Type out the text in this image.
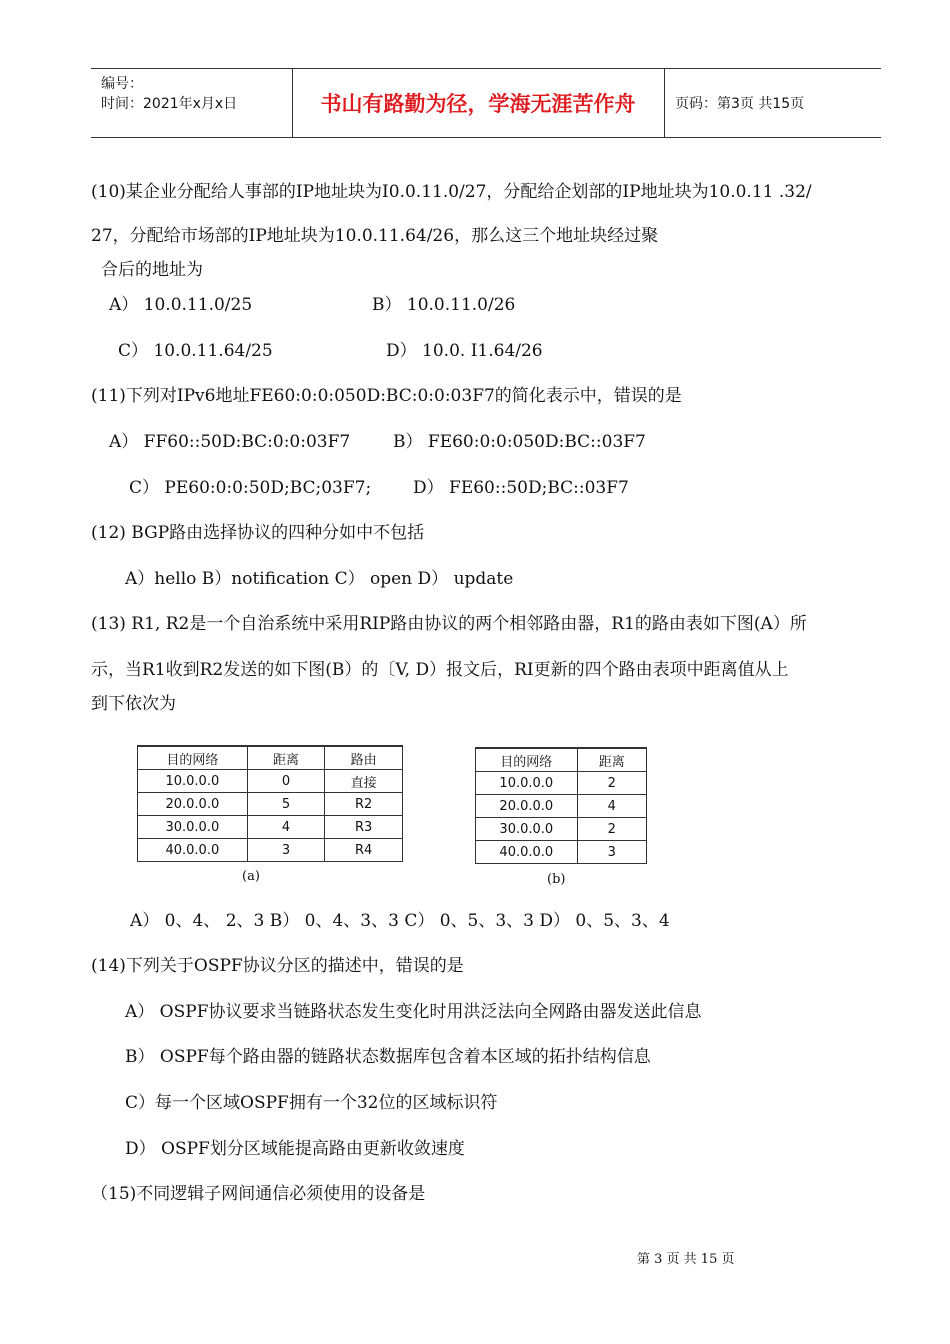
编号：
时间：2021年x月x日	书山有路勤为径，学海无涯苦作舟	页码：第3页 共15页
(10)某企业分配给人事部的IP地址块为I0.0.11.0/27，分配给企划部的IP地址块为10.0.11 .32/
27，分配给市场部的IP地址块为10.0.11.64/26，那么这三个地址块经过聚
合后的地址为
A） 10.0.11.0/25	B） 10.0.11.0/26
C） 10.0.11.64/25	D） 10.0. I1.64/26
(11)下列对IPv6地址FE60:0:0:050D:BC:0:0:03F7的简化表示中，错误的是
A） FF60::50D:BC:0:0:03F7	B） FE60:0:0:050D:BC::03F7
C） PE60:0:0:50D;BC;03F7; D） FE60::50D;BC::03F7
(12) BGP路由选择协议的四种分如中不包括
A）hello B）notification C） open D） update
(13) R1, R2是一个自治系统中采用RIP路由协议的两个相邻路由器，R1的路由表如下图(A）所
示，当R1收到R2发送的如下图(B）的〔V, D）报文后，RI更新的四个路由表项中距离值从上
到下依次为
目的网络	距离	路由
10.0.0.0	0	直接
20.0.0.0	5	R2
30.0.0.0	4	R3
40.0.0.0	3	R4
(a)
目的网络	距离
10.0.0.0	2
20.0.0.0	4
30.0.0.0	2
40.0.0.0	3
(b)
A） 0、4、 2、3 B） 0、4、3、3 C） 0、5、3、3 D） 0、5、3、4
(14)下列关于OSPF协议分区的描述中，错误的是
A） OSPF协议要求当链路状态发生变化时用洪泛法向全网路由器发送此信息
B） OSPF每个路由器的链路状态数据库包含着本区域的拓扑结构信息
C）每一个区域OSPF拥有一个32位的区域标识符
D） OSPF划分区域能提高路由更新收敛速度
（15)不同逻辑子网间通信必须使用的设备是
第 3 页 共 15 页
